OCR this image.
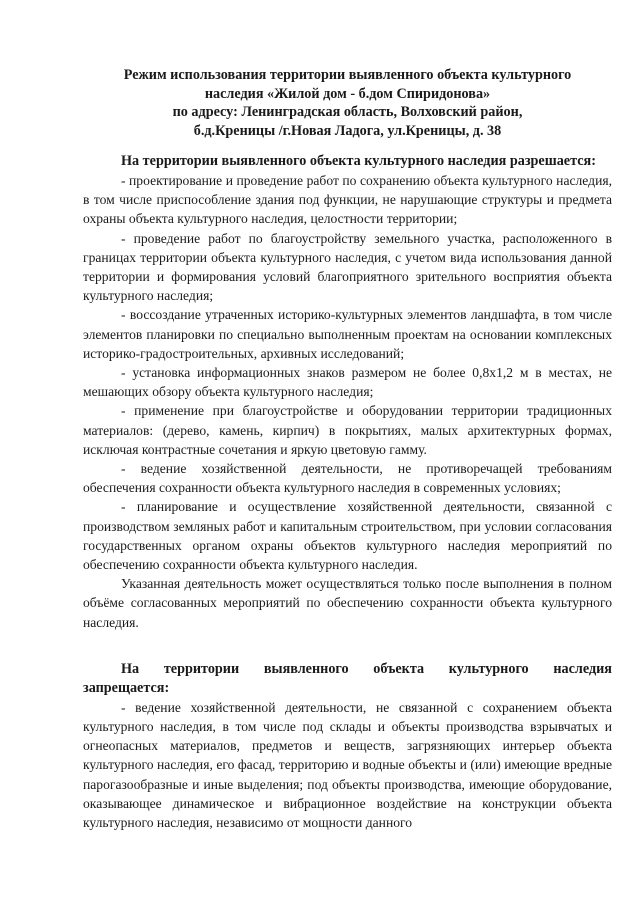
Режим использования территории выявленного объекта культурного
наследия «Жилой дом - б.дом Спиридонова»
по адресу: Ленинградская область, Волховский район,
б.д.Креницы /г.Новая Ладога, ул.Креницы, д. 38

На территории выявленного объекта культурного наследия разрешается:

- проектирование и проведение работ по сохранению объекта культурного наследия, в том числе приспособление здания под функции, не нарушающие структуры и предмета охраны объекта культурного наследия, целостности территории;

- проведение работ по благоустройству земельного участка, расположенного в границах территории объекта культурного наследия, с учетом вида использования данной территории и формирования условий благоприятного зрительного восприятия объекта культурного наследия;

- воссоздание утраченных историко-культурных элементов ландшафта, в том числе элементов планировки по специально выполненным проектам на основании комплексных историко-градостроительных, архивных исследований;

- установка информационных знаков размером не более 0,8х1,2 м в местах, не мешающих обзору объекта культурного наследия;

- применение при благоустройстве и оборудовании территории традиционных материалов: (дерево, камень, кирпич) в покрытиях, малых архитектурных формах, исключая контрастные сочетания и яркую цветовую гамму.

- ведение хозяйственной деятельности, не противоречащей требованиям обеспечения сохранности объекта культурного наследия в современных условиях;

- планирование и осуществление хозяйственной деятельности, связанной с производством земляных работ и капитальным строительством, при условии согласования государственных органом охраны объектов культурного наследия мероприятий по обеспечению сохранности объекта культурного наследия.

Указанная деятельность может осуществляться только после выполнения в полном объёме согласованных мероприятий по обеспечению сохранности объекта культурного наследия.

На территории выявленного объекта культурного наследия

запрещается:

- ведение хозяйственной деятельности, не связанной с сохранением объекта культурного наследия, в том числе под склады и объекты производства взрывчатых и огнеопасных материалов, предметов и веществ, загрязняющих интерьер объекта культурного наследия, его фасад, территорию и водные объекты и (или) имеющие вредные парогазообразные и иные выделения; под объекты производства, имеющие оборудование, оказывающее динамическое и вибрационное воздействие на конструкции объекта культурного наследия, независимо от мощности данного
